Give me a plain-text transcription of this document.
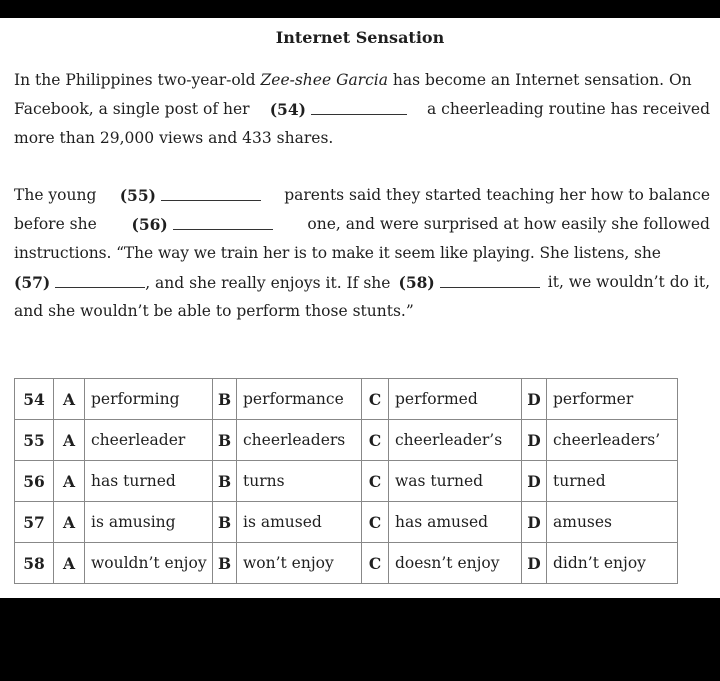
Internet Sensation
In the Philippines two-year-old Zee-shee Garcia has become an Internet sensation. On
Facebook, a single post of her (54)	a cheerleading routine has received
more than 29,000 views and 433 shares.
The young (55)	parents said they started teaching her how to balance
before she (56)	one, and were surprised at how easily she followed
instructions. “The way we train her is to make it seem like playing. She listens, she
(57)	, and she really enjoys it. If she (58)	it, we wouldn’t do it,
and she wouldn’t be able to perform those stunts.”
54	A	performing	B	performance	C	performed	D	performer
55	A	cheerleader	B	cheerleaders	C	cheerleader’s	D	cheerleaders’
56	A	has turned	B	turns	C	was turned	D	turned
57	A	is amusing	B	is amused	C	has amused	D	amuses
58	A	wouldn’t enjoy	B	won’t enjoy	C	doesn’t enjoy	D	didn’t enjoy
